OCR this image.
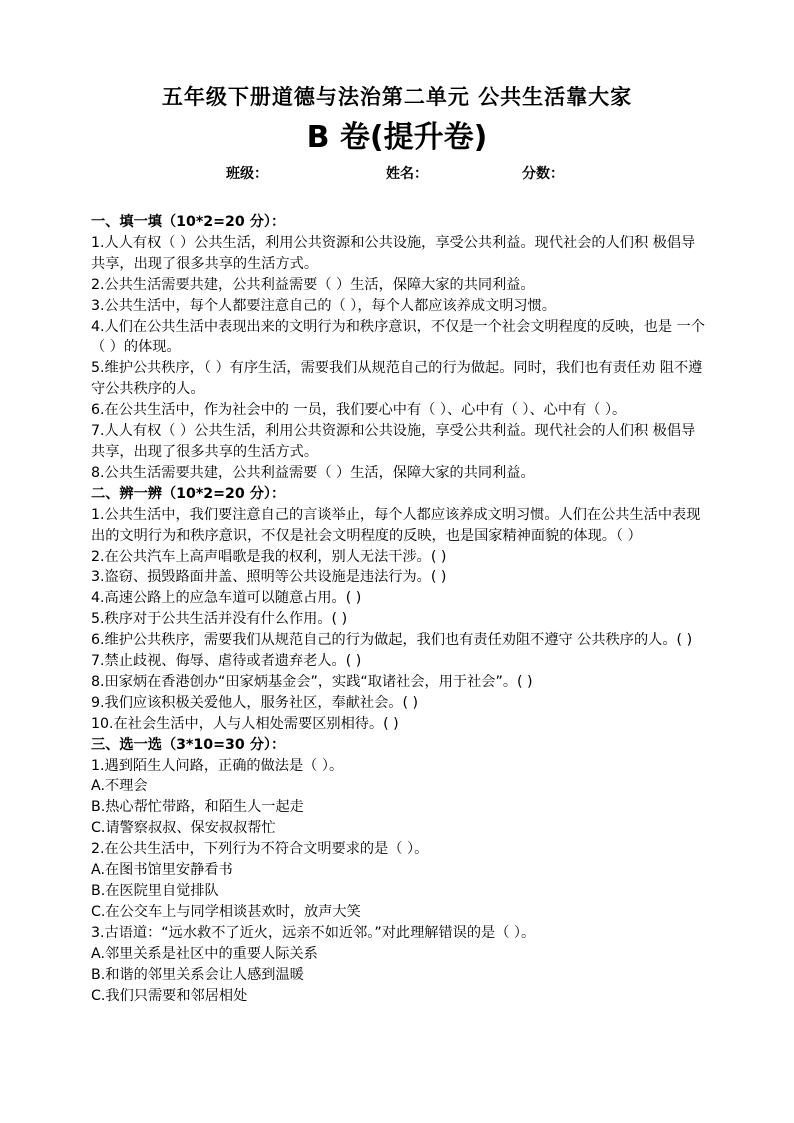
五年级下册道德与法治第二单元 公共生活靠大家
B 卷(提升卷)
班级：	姓名：	分数：
一、填一填（10*2=20 分）：
1.人人有权（ ）公共生活，利用公共资源和公共设施，享受公共利益。现代社会的人们积 极倡导共享，出现了很多共享的生活方式。
2.公共生活需要共建，公共利益需要（ ）生活，保障大家的共同利益。
3.公共生活中，每个人都要注意自己的（ ），每个人都应该养成文明习惯。
4.人们在公共生活中表现出来的文明行为和秩序意识，不仅是一个社会文明程度的反映，也是 一个（ ）的体现。
5.维护公共秩序，（ ）有序生活，需要我们从规范自己的行为做起。同时，我们也有责任劝 阻不遵守公共秩序的人。
6.在公共生活中，作为社会中的 一员，我们要心中有（ ）、心中有（ ）、心中有（ ）。
7.人人有权（ ）公共生活，利用公共资源和公共设施，享受公共利益。现代社会的人们积 极倡导共享，出现了很多共享的生活方式。
8.公共生活需要共建，公共利益需要（ ）生活，保障大家的共同利益。
二、辨一辨（10*2=20 分）：
1.公共生活中，我们要注意自己的言谈举止，每个人都应该养成文明习惯。人们在公共生活中表现出的文明行为和秩序意识，不仅是社会文明程度的反映，也是国家精神面貌的体现。（ ）
2.在公共汽车上高声唱歌是我的权利，别人无法干涉。( )
3.盗窃、损毁路面井盖、照明等公共设施是违法行为。( )
4.高速公路上的应急车道可以随意占用。( )
5.秩序对于公共生活并没有什么作用。( )
6.维护公共秩序，需要我们从规范自己的行为做起，我们也有责任劝阻不遵守 公共秩序的人。( )
7.禁止歧视、侮辱、虐待或者遗弃老人。( )
8.田家炳在香港创办“田家炳基金会”，实践“取诸社会，用于社会”。( )
9.我们应该积极关爱他人，服务社区，奉献社会。( )
10.在社会生活中，人与人相处需要区别相待。( )
三、选一选（3*10=30 分）：
1.遇到陌生人问路，正确的做法是（ ）。
A.不理会
B.热心帮忙带路，和陌生人一起走
C.请警察叔叔、保安叔叔帮忙
2.在公共生活中，下列行为不符合文明要求的是（ ）。
A.在图书馆里安静看书
B.在医院里自觉排队
C.在公交车上与同学相谈甚欢时，放声大笑
3.古语道：“远水救不了近火，远亲不如近邻。”对此理解错误的是（ ）。
A.邻里关系是社区中的重要人际关系
B.和谐的邻里关系会让人感到温暖
C.我们只需要和邻居相处
